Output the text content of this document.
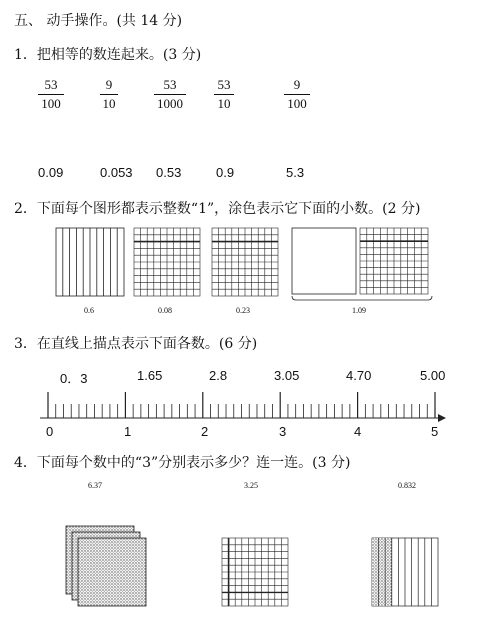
五、 动手操作。(共 14 分)
1．把相等的数连起来。(3 分)
53
100
9
10
53
1000
53
10
9
100
0.09	0.053 0.53	0.9	5.3
2．下面每个图形都表示整数“1”，涂色表示它下面的小数。(2 分)
0.6	0.08	0.23	1.09
3．在直线上描点表示下面各数。(6 分)
0．3	1.65	2.8	3.05	4.70	5.00
0	1	2	3	4	5
4．下面每个数中的“3”分别表示多少？连一连。(3 分)
6.37	3.25	0.832
